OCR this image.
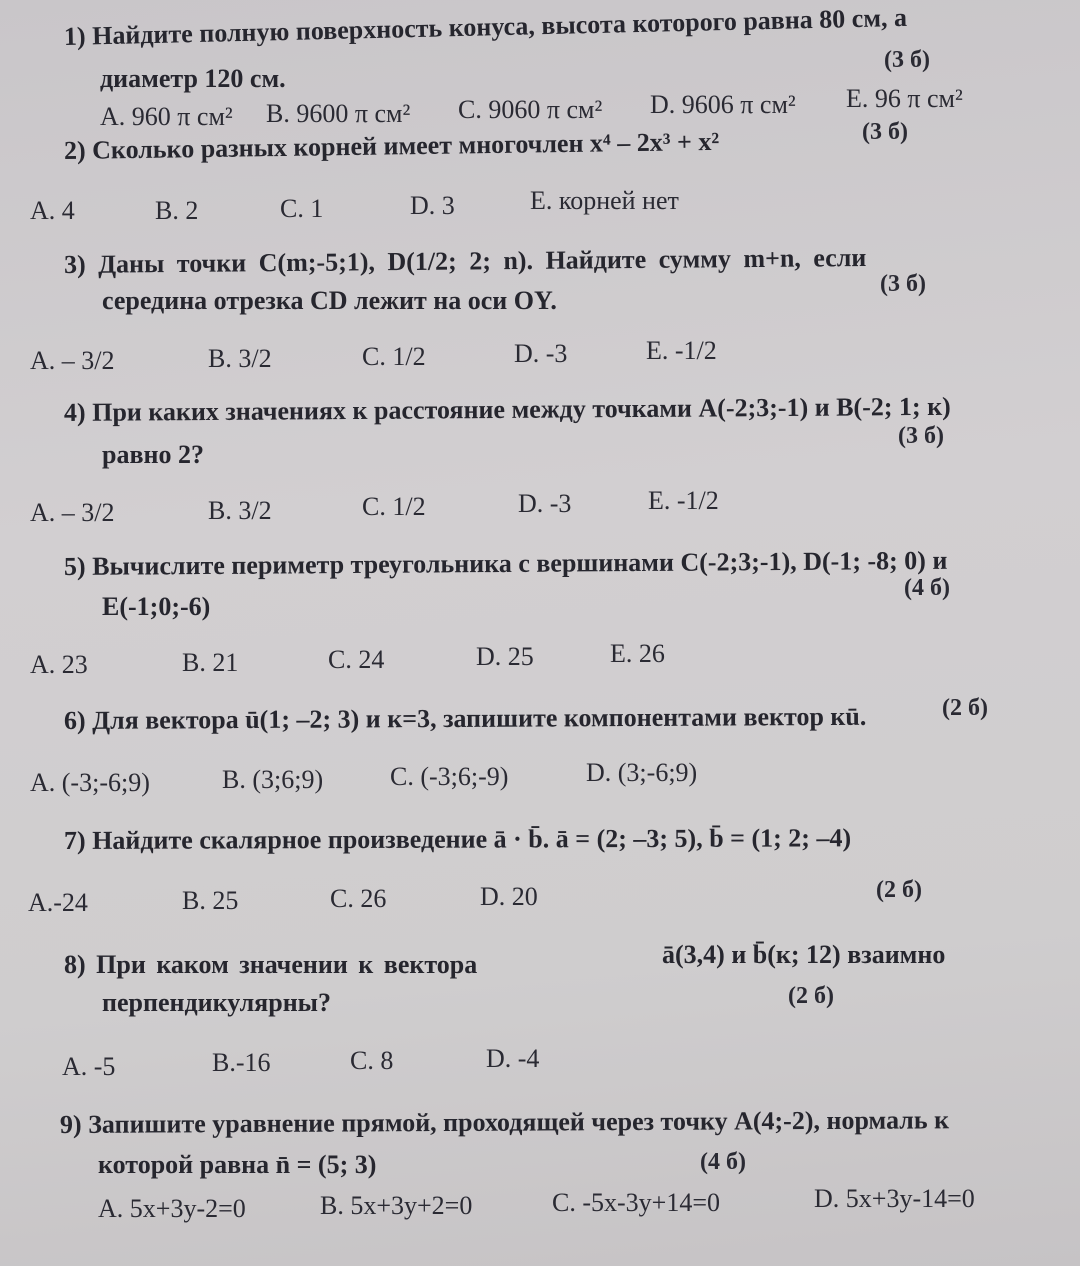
1) Найдите полную поверхность конуса, высота которого равна 80 см, а
диаметр 120 см.
(3 б)
A. 960 π см² B. 9600 π см² C. 9060 π см² D. 9606 π см² E. 96 π см²
2) Сколько разных корней имеет многочлен x⁴ – 2x³ + x²	(3 б)
A. 4	B. 2	C. 1	D. 3	E. корней нет
3) Даны точки C(m;-5;1), D(1/2; 2; n). Найдите сумму m+n, если
середина отрезка CD лежит на оси OY.
(3 б)
A. – 3/2	B. 3/2	C. 1/2	D. -3	E. -1/2
4) При каких значениях к расстояние между точками A(-2;3;-1) и B(-2; 1; к)
равно 2?
(3 б)
A. – 3/2	B. 3/2	C. 1/2	D. -3	E. -1/2
5) Вычислите периметр треугольника с вершинами C(-2;3;-1), D(-1; -8; 0) и
E(-1;0;-6)
(4 б)
A. 23	B. 21	C. 24	D. 25	E. 26
6) Для вектора ū(1; –2; 3) и к=3, запишите компонентами вектор кū.	(2 б)
A. (-3;-6;9)	B. (3;6;9)	C. (-3;6;-9)	D. (3;-6;9)
7) Найдите скалярное произведение ā · b̄. ā = (2; –3; 5), b̄ = (1; 2; –4)
(2 б)
A.-24	B. 25	C. 26	D. 20
8) При каком значении к вектора	ā(3,4) и b̄(к; 12) взаимно
перпендикулярны?	(2 б)
A. -5	B.-16	C. 8	D. -4
9) Запишите уравнение прямой, проходящей через точку A(4;-2), нормаль к
которой равна n̄ = (5; 3)	(4 б)
A. 5x+3y-2=0	B. 5x+3y+2=0	C. -5x-3y+14=0	D. 5x+3y-14=0
